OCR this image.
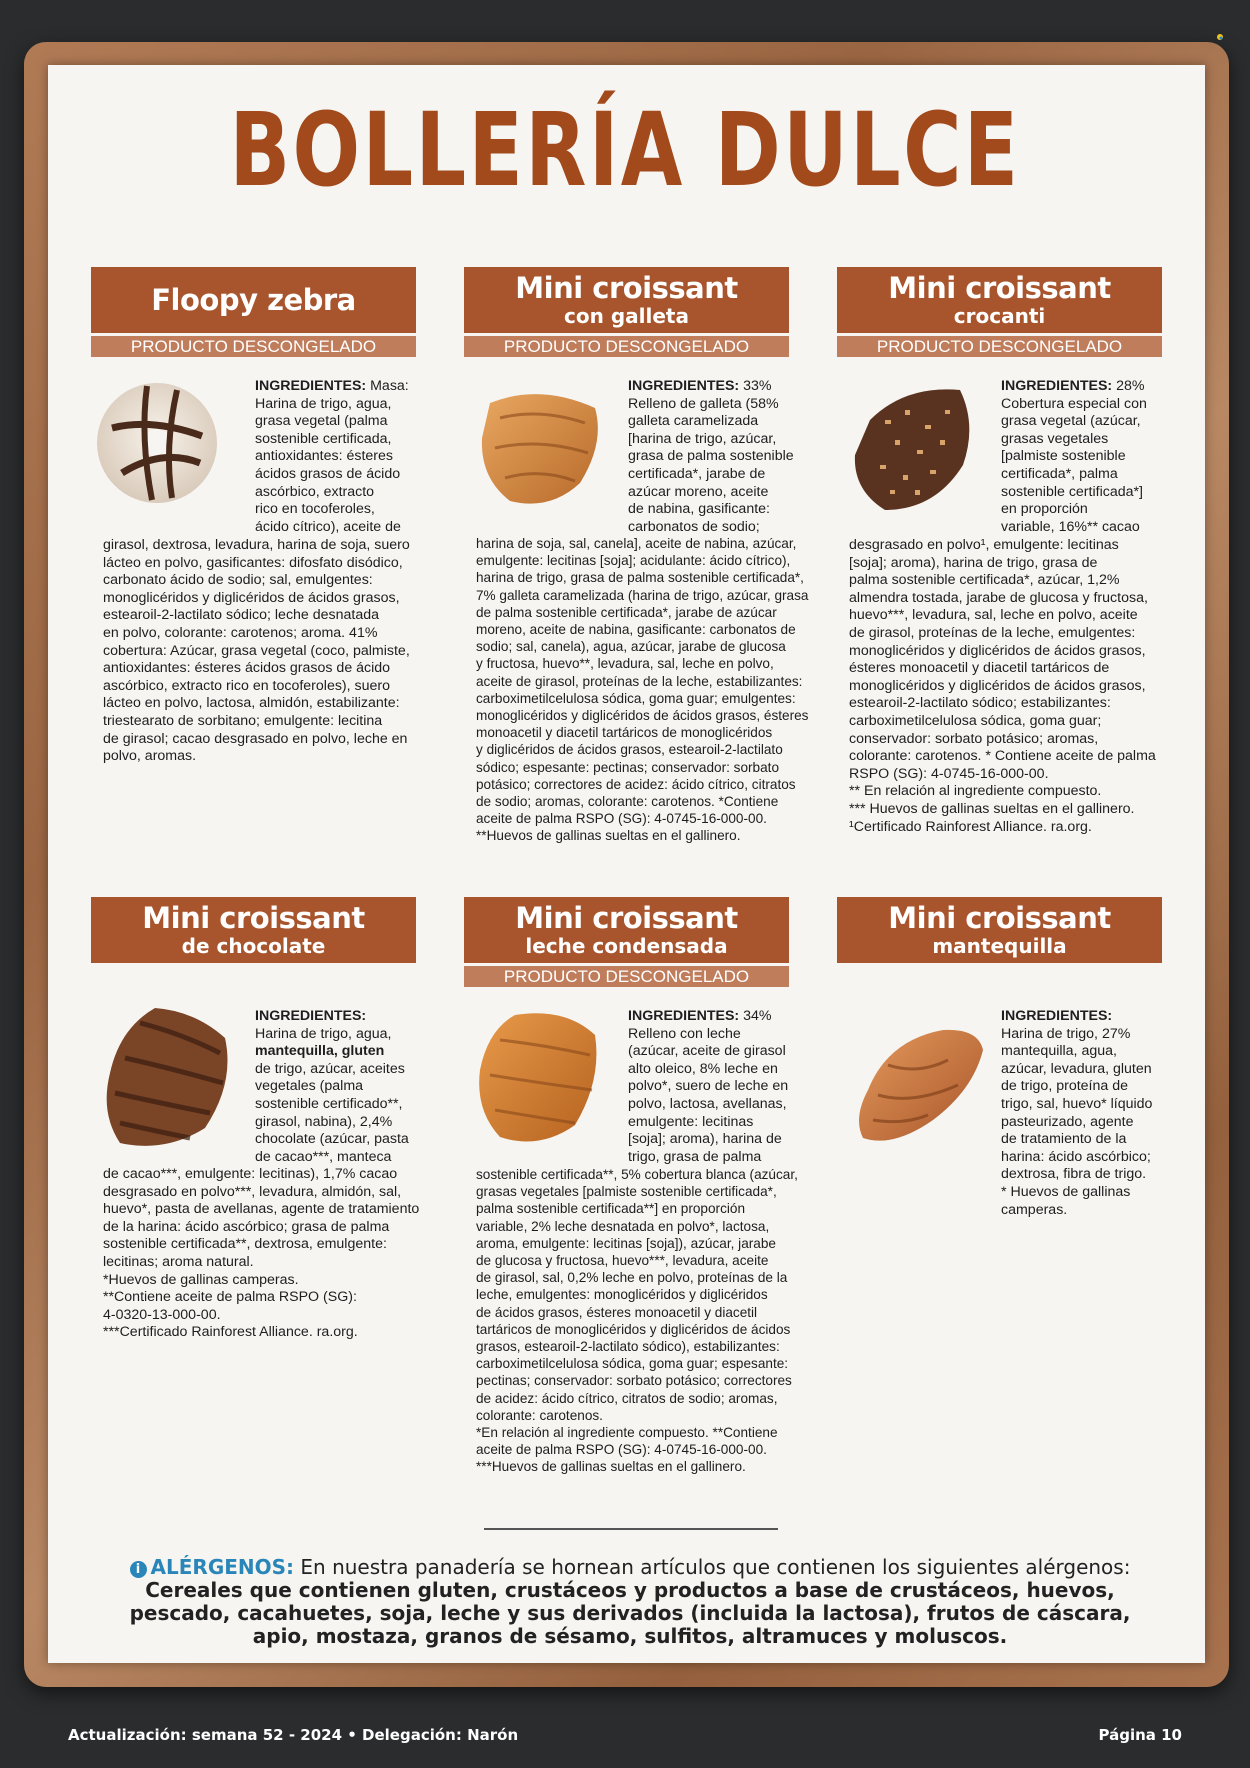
BOLLERÍA DULCE
Floopy zebra
PRODUCTO DESCONGELADO

INGREDIENTES: Masa:

Harina de trigo, agua,

grasa vegetal (palma

sostenible certificada,

antioxidantes: ésteres

ácidos grasos de ácido

ascórbico, extracto

rico en tocoferoles,

ácido cítrico), aceite de

girasol, dextrosa, levadura, harina de soja, suero

lácteo en polvo, gasificantes: difosfato disódico,

carbonato ácido de sodio; sal, emulgentes:

monoglicéridos y diglicéridos de ácidos grasos,

estearoil-2-lactilato sódico; leche desnatada

en polvo, colorante: carotenos; aroma. 41%

cobertura: Azúcar, grasa vegetal (coco, palmiste,

antioxidantes: ésteres ácidos grasos de ácido

ascórbico, extracto rico en tocoferoles), suero

lácteo en polvo, lactosa, almidón, estabilizante:

triestearato de sorbitano; emulgente: lecitina

de girasol; cacao desgrasado en polvo, leche en

polvo, aromas.

Mini croissant
con galleta
PRODUCTO DESCONGELADO

INGREDIENTES: 33%

Relleno de galleta (58%

galleta caramelizada

[harina de trigo, azúcar,

grasa de palma sostenible

certificada*, jarabe de

azúcar moreno, aceite

de nabina, gasificante:

carbonatos de sodio;

harina de soja, sal, canela], aceite de nabina, azúcar,

emulgente: lecitinas [soja]; acidulante: ácido cítrico),

harina de trigo, grasa de palma sostenible certificada*,

7% galleta caramelizada (harina de trigo, azúcar, grasa

de palma sostenible certificada*, jarabe de azúcar

moreno, aceite de nabina, gasificante: carbonatos de

sodio; sal, canela), agua, azúcar, jarabe de glucosa

y fructosa, huevo**, levadura, sal, leche en polvo,

aceite de girasol, proteínas de la leche, estabilizantes:

carboximetilcelulosa sódica, goma guar; emulgentes:

monoglicéridos y diglicéridos de ácidos grasos, ésteres

monoacetil y diacetil tartáricos de monoglicéridos

y diglicéridos de ácidos grasos, estearoil-2-lactilato

sódico; espesante: pectinas; conservador: sorbato

potásico; correctores de acidez: ácido cítrico, citratos

de sodio; aromas, colorante: carotenos. *Contiene

aceite de palma RSPO (SG): 4-0745-16-000-00.

**Huevos de gallinas sueltas en el gallinero.

Mini croissant
crocanti
PRODUCTO DESCONGELADO

INGREDIENTES: 28%

Cobertura especial con

grasa vegetal (azúcar,

grasas vegetales

[palmiste sostenible

certificada*, palma

sostenible certificada*]

en proporción

variable, 16%** cacao

desgrasado en polvo¹, emulgente: lecitinas

[soja]; aroma), harina de trigo, grasa de

palma sostenible certificada*, azúcar, 1,2%

almendra tostada, jarabe de glucosa y fructosa,

huevo***, levadura, sal, leche en polvo, aceite

de girasol, proteínas de la leche, emulgentes:

monoglicéridos y diglicéridos de ácidos grasos,

ésteres monoacetil y diacetil tartáricos de

monoglicéridos y diglicéridos de ácidos grasos,

estearoil-2-lactilato sódico; estabilizantes:

carboximetilcelulosa sódica, goma guar;

conservador: sorbato potásico; aromas,

colorante: carotenos. * Contiene aceite de palma

RSPO (SG): 4-0745-16-000-00.

** En relación al ingrediente compuesto.

*** Huevos de gallinas sueltas en el gallinero.

¹Certificado Rainforest Alliance. ra.org.

Mini croissant
de chocolate

INGREDIENTES:

Harina de trigo, agua,

mantequilla, gluten

de trigo, azúcar, aceites

vegetales (palma

sostenible certificado**,

girasol, nabina), 2,4%

chocolate (azúcar, pasta

de cacao***, manteca

de cacao***, emulgente: lecitinas), 1,7% cacao

desgrasado en polvo***, levadura, almidón, sal,

huevo*, pasta de avellanas, agente de tratamiento

de la harina: ácido ascórbico; grasa de palma

sostenible certificada**, dextrosa, emulgente:

lecitinas; aroma natural.

*Huevos de gallinas camperas.

**Contiene aceite de palma RSPO (SG):

4-0320-13-000-00.

***Certificado Rainforest Alliance. ra.org.

Mini croissant
leche condensada
PRODUCTO DESCONGELADO

INGREDIENTES: 34%

Relleno con leche

(azúcar, aceite de girasol

alto oleico, 8% leche en

polvo*, suero de leche en

polvo, lactosa, avellanas,

emulgente: lecitinas

[soja]; aroma), harina de

trigo, grasa de palma

sostenible certificada**, 5% cobertura blanca (azúcar,

grasas vegetales [palmiste sostenible certificada*,

palma sostenible certificada**] en proporción

variable, 2% leche desnatada en polvo*, lactosa,

aroma, emulgente: lecitinas [soja]), azúcar, jarabe

de glucosa y fructosa, huevo***, levadura, aceite

de girasol, sal, 0,2% leche en polvo, proteínas de la

leche, emulgentes: monoglicéridos y diglicéridos

de ácidos grasos, ésteres monoacetil y diacetil

tartáricos de monoglicéridos y diglicéridos de ácidos

grasos, estearoil-2-lactilato sódico), estabilizantes:

carboximetilcelulosa sódica, goma guar; espesante:

pectinas; conservador: sorbato potásico; correctores

de acidez: ácido cítrico, citratos de sodio; aromas,

colorante: carotenos.

*En relación al ingrediente compuesto. **Contiene

aceite de palma RSPO (SG): 4-0745-16-000-00.

***Huevos de gallinas sueltas en el gallinero.

Mini croissant
mantequilla

INGREDIENTES:

Harina de trigo, 27%

mantequilla, agua,

azúcar, levadura, gluten

de trigo, proteína de

trigo, sal, huevo* líquido

pasteurizado, agente

de tratamiento de la

harina: ácido ascórbico;

dextrosa, fibra de trigo.

* Huevos de gallinas

camperas.

i ALÉRGENOS: En nuestra panadería se hornean artículos que contienen los siguientes alérgenos: Cereales que contienen gluten, crustáceos y productos a base de crustáceos, huevos, pescado, cacahuetes, soja, leche y sus derivados (incluida la lactosa), frutos de cáscara, apio, mostaza, granos de sésamo, sulfitos, altramuces y moluscos.
Actualización: semana 52 - 2024 • Delegación: Narón	Página 10
